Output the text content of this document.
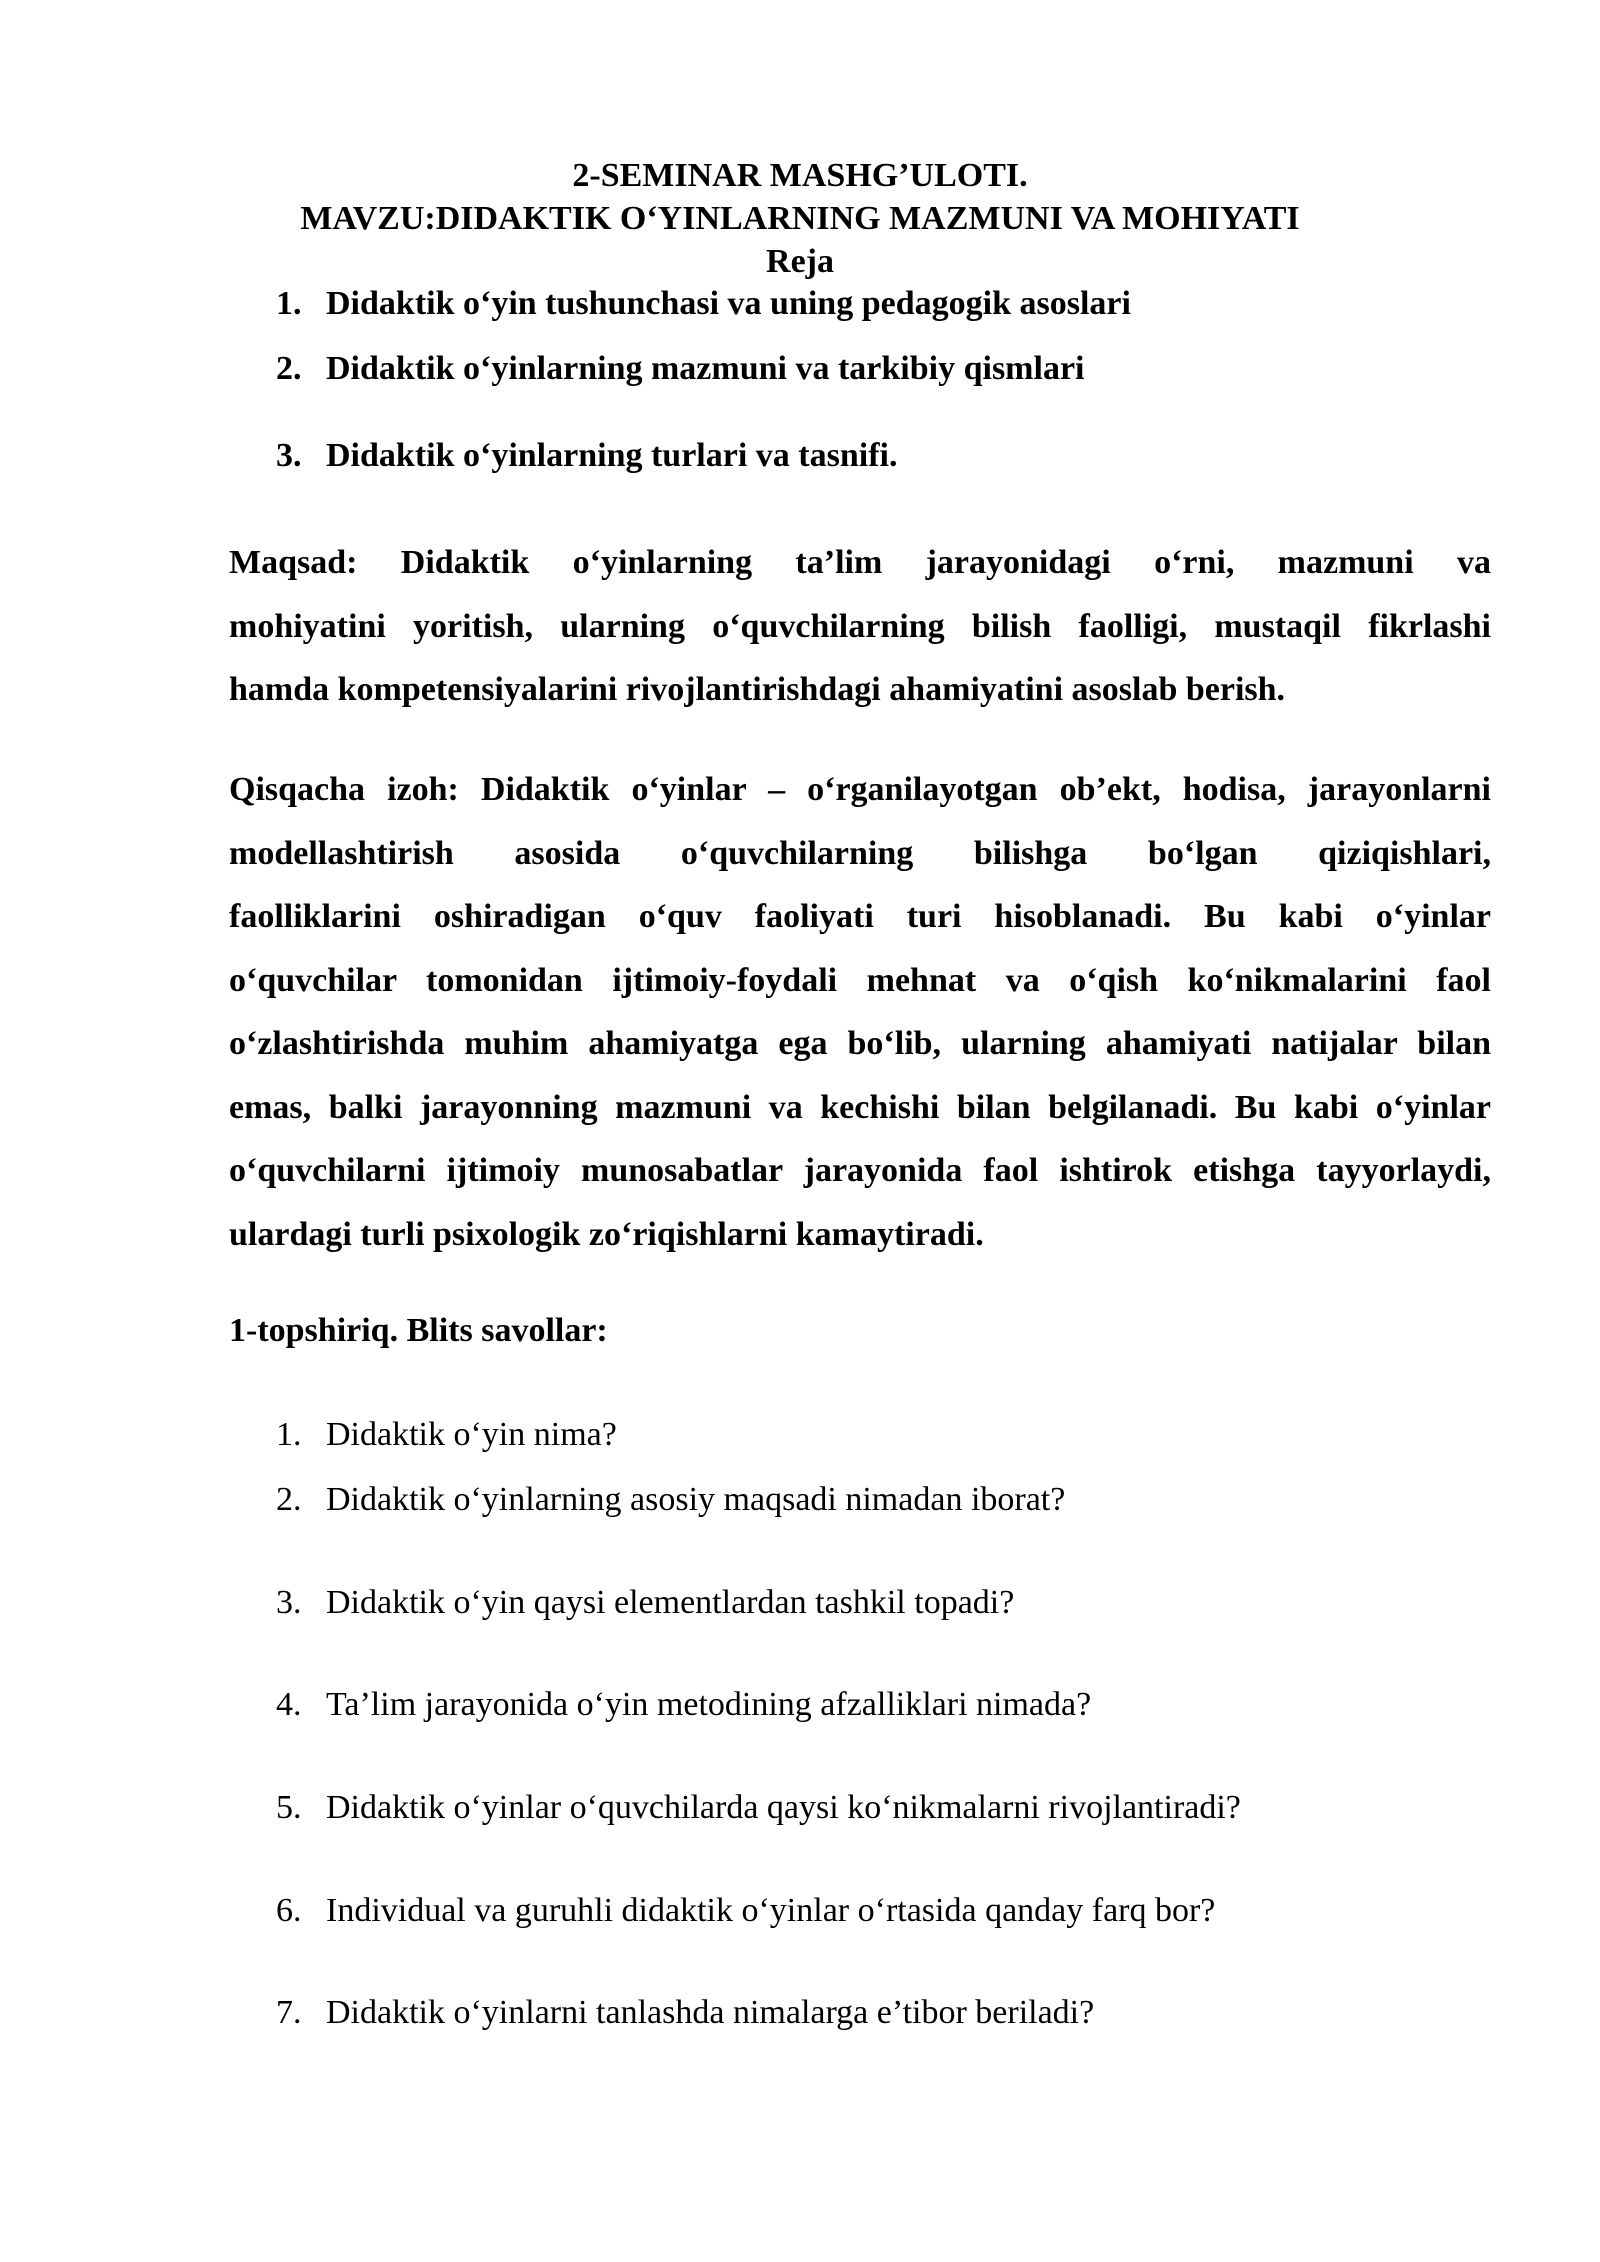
2-SEMINAR MASHG’ULOTI.
MAVZU:DIDAKTIK O‘YINLARNING MAZMUNI VA MOHIYATI
Reja
1. Didaktik o‘yin tushunchasi va uning pedagogik asoslari
2. Didaktik o‘yinlarning mazmuni va tarkibiy qismlari
3. Didaktik o‘yinlarning turlari va tasnifi.
Maqsad: Didaktik o‘yinlarning ta’lim jarayonidagi o‘rni, mazmuni va
mohiyatini yoritish, ularning o‘quvchilarning bilish faolligi, mustaqil fikrlashi
hamda kompetensiyalarini rivojlantirishdagi ahamiyatini asoslab berish.
Qisqacha izoh: Didaktik o‘yinlar – o‘rganilayotgan ob’ekt, hodisa, jarayonlarni
modellashtirish asosida o‘quvchilarning bilishga bo‘lgan qiziqishlari,
faolliklarini oshiradigan o‘quv faoliyati turi hisoblanadi. Bu kabi o‘yinlar
o‘quvchilar tomonidan ijtimoiy-foydali mehnat va o‘qish ko‘nikmalarini faol
o‘zlashtirishda muhim ahamiyatga ega bo‘lib, ularning ahamiyati natijalar bilan
emas, balki jarayonning mazmuni va kechishi bilan belgilanadi. Bu kabi o‘yinlar
o‘quvchilarni ijtimoiy munosabatlar jarayonida faol ishtirok etishga tayyorlaydi,
ulardagi turli psixologik zo‘riqishlarni kamaytiradi.
1-topshiriq. Blits savollar:
1. Didaktik o‘yin nima?
2. Didaktik o‘yinlarning asosiy maqsadi nimadan iborat?
3. Didaktik o‘yin qaysi elementlardan tashkil topadi?
4. Ta’lim jarayonida o‘yin metodining afzalliklari nimada?
5. Didaktik o‘yinlar o‘quvchilarda qaysi ko‘nikmalarni rivojlantiradi?
6. Individual va guruhli didaktik o‘yinlar o‘rtasida qanday farq bor?
7. Didaktik o‘yinlarni tanlashda nimalarga e’tibor beriladi?
